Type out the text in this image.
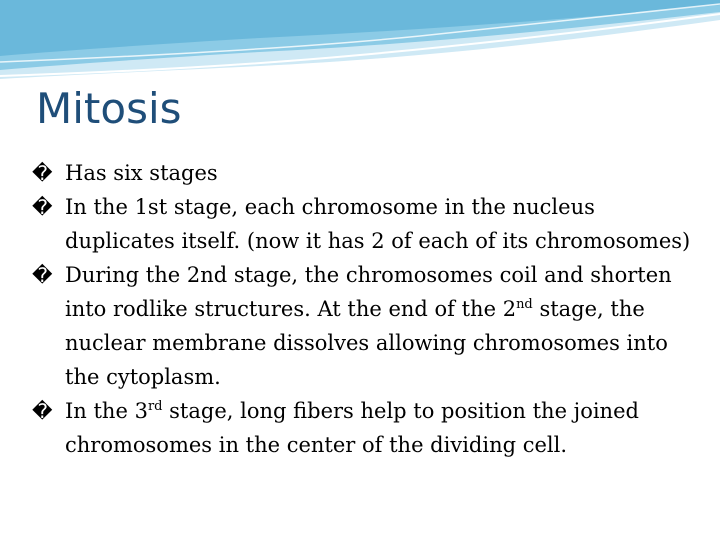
Mitosis
� Has six stages
� In the 1st stage, each chromosome in the nucleus duplicates itself. (now it has 2 of each of its chromosomes)
� During the 2nd stage, the chromosomes coil and shorten into rodlike structures. At the end of the 2nd stage, the nuclear membrane dissolves allowing chromosomes into the cytoplasm.
� In the 3rd stage, long fibers help to position the joined chromosomes in the center of the dividing cell.
